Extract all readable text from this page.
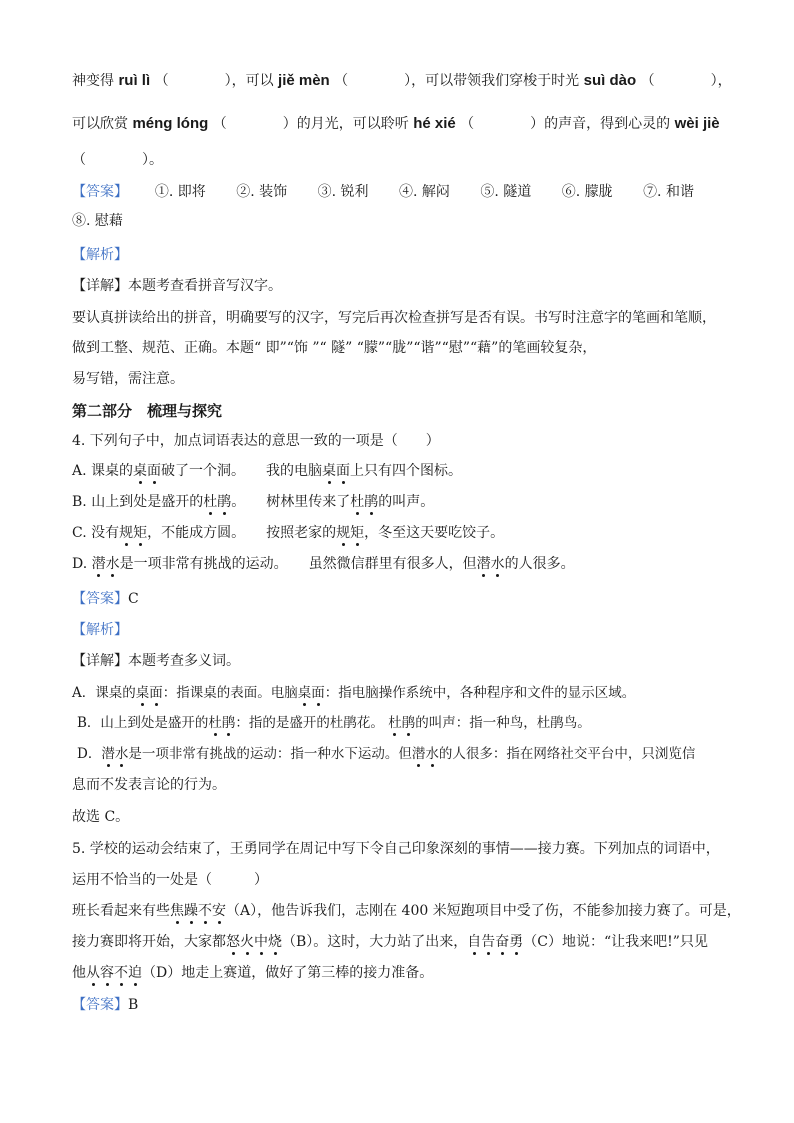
神变得 ruì lì （　　　　），可以 jiě mèn （　　　　），可以带领我们穿梭于时光 suì dào （　　　　），
可以欣赏 méng lóng （　　　　）的月光，可以聆听 hé xié （　　　　）的声音，得到心灵的 wèi jiè
（　　　　）。
【答案】 ①. 即将 ②. 装饰 ③. 锐利 ④. 解闷 ⑤. 隧道 ⑥. 朦胧 ⑦. 和谐
⑧. 慰藉
【解析】
【详解】本题考查看拼音写汉字。
要认真拼读给出的拼音，明确要写的汉字，写完后再次检查拼写是否有误。书写时注意字的笔画和笔顺，
做到工整、规范、正确。本题“ 即”“饰 ”“ 隧” “朦”“胧”“谐”“慰”“藉”的笔画较复杂，
易写错，需注意。
第二部分　梳理与探究
4. 下列句子中，加点词语表达的意思一致的一项是（　　）
A. 课桌的桌面破了一个洞。　　我的电脑桌面上只有四个图标。
B. 山上到处是盛开的杜鹃。　　树林里传来了杜鹃的叫声。
C. 没有规矩，不能成方圆。　　按照老家的规矩，冬至这天要吃饺子。
D. 潜水是一项非常有挑战的运动。　　虽然微信群里有很多人，但潜水的人很多。
【答案】C
【解析】
【详解】本题考查多义词。
A．课桌的桌面：指课桌的表面。电脑桌面：指电脑操作系统中，各种程序和文件的显示区域。
B．山上到处是盛开的杜鹃：指的是盛开的杜鹃花。 杜鹃的叫声：指一种鸟，杜鹃鸟。
D．潜水是一项非常有挑战的运动：指一种水下运动。但潜水的人很多：指在网络社交平台中，只浏览信
息而不发表言论的行为。
故选 C。
5. 学校的运动会结束了，王勇同学在周记中写下令自己印象深刻的事情——接力赛。下列加点的词语中，
运用不恰当的一处是（　　　）
班长看起来有些焦躁不安（A），他告诉我们，志刚在 400 米短跑项目中受了伤，不能参加接力赛了。可是，
接力赛即将开始，大家都怒火中烧（B）。这时，大力站了出来，自告奋勇（C）地说：“让我来吧!”只见
他从容不迫（D）地走上赛道，做好了第三棒的接力准备。
【答案】B
